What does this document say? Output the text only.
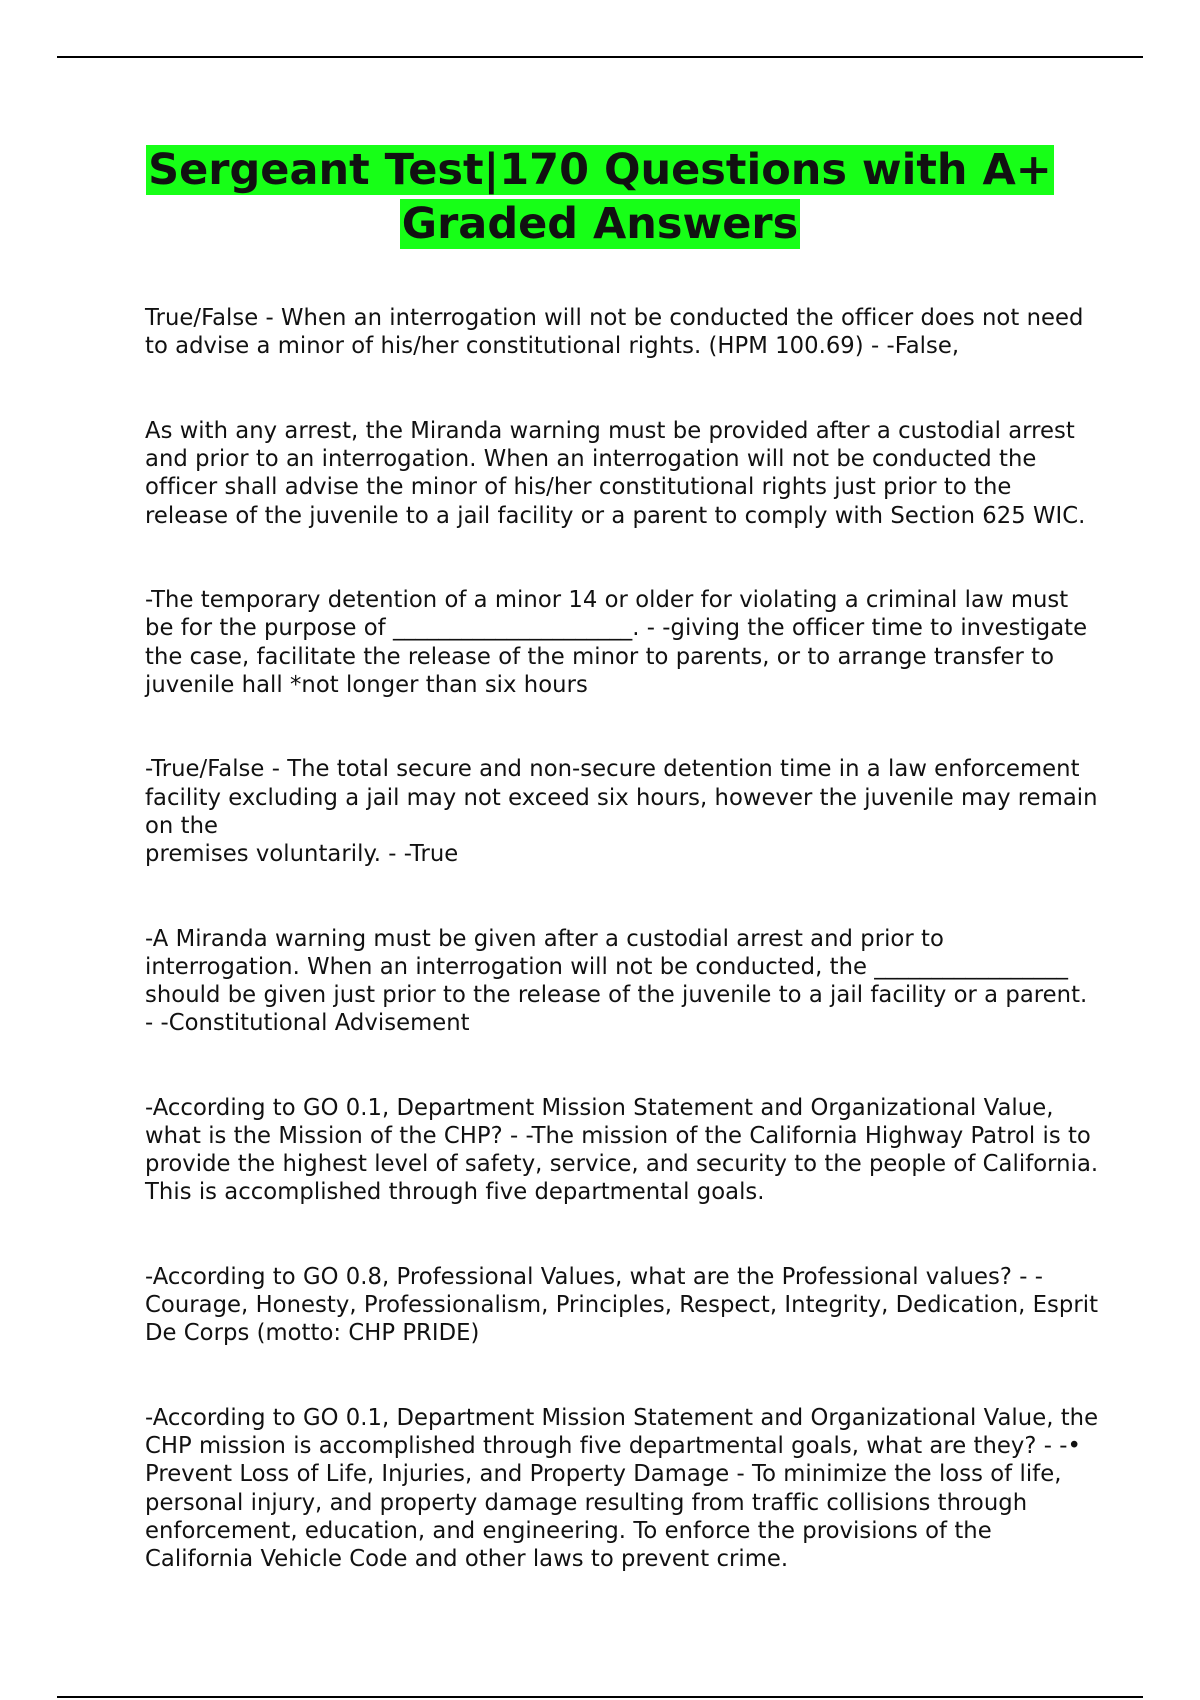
Sergeant Test|170 Questions with A+
Graded Answers

True/False - When an interrogation will not be conducted the officer does not need to advise a minor of his/her constitutional rights. (HPM 100.69) - -False,

As with any arrest, the Miranda warning must be provided after a custodial arrest and prior to an interrogation. When an interrogation will not be conducted the officer shall advise the minor of his/her constitutional rights just prior to the release of the juvenile to a jail facility or a parent to comply with Section 625 WIC.

-The temporary detention of a minor 14 or older for violating a criminal law must be for the purpose of _____________________. - -giving the officer time to investigate the case, facilitate the release of the minor to parents, or to arrange transfer to juvenile hall *not longer than six hours

-True/False - The total secure and non-secure detention time in a law enforcement facility excluding a jail may not exceed six hours, however the juvenile may remain on the
premises voluntarily. - -True

-A Miranda warning must be given after a custodial arrest and prior to interrogation. When an interrogation will not be conducted, the _________________ should be given just prior to the release of the juvenile to a jail facility or a parent. - -Constitutional Advisement

-According to GO 0.1, Department Mission Statement and Organizational Value, what is the Mission of the CHP? - -The mission of the California Highway Patrol is to provide the highest level of safety, service, and security to the people of California. This is accomplished through five departmental goals.

-According to GO 0.8, Professional Values, what are the Professional values? - -Courage, Honesty, Professionalism, Principles, Respect, Integrity, Dedication, Esprit De Corps (motto: CHP PRIDE)

-According to GO 0.1, Department Mission Statement and Organizational Value, the CHP mission is accomplished through five departmental goals, what are they? - -• Prevent Loss of Life, Injuries, and Property Damage - To minimize the loss of life, personal injury, and property damage resulting from traffic collisions through enforcement, education, and engineering. To enforce the provisions of the California Vehicle Code and other laws to prevent crime.
